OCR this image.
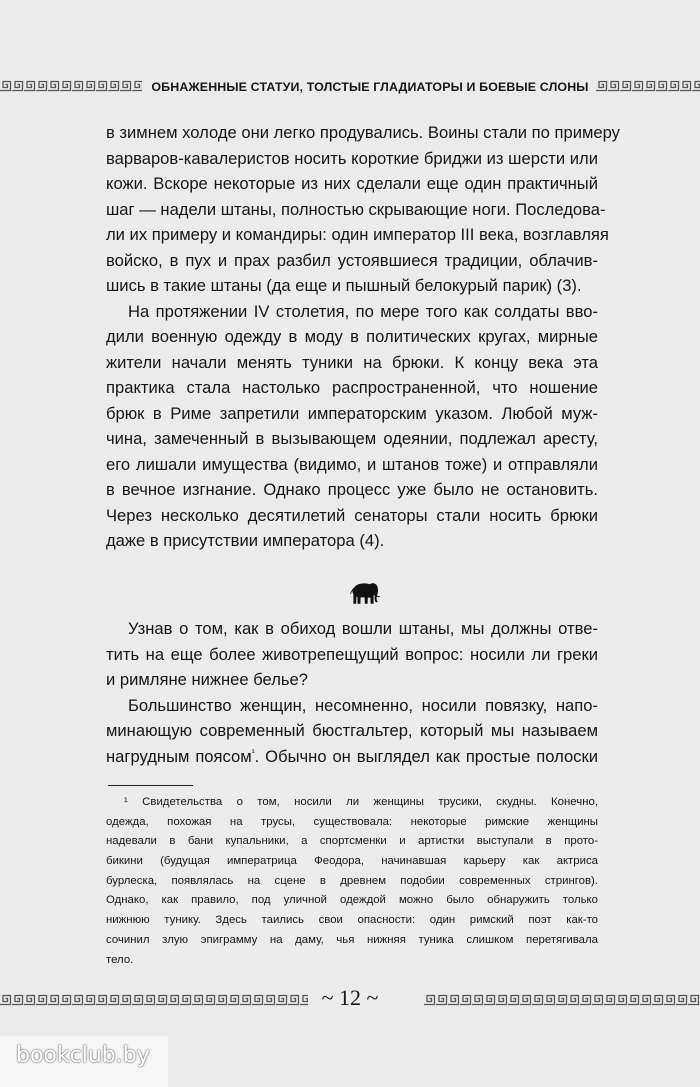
ОБНАЖЕННЫЕ СТАТУИ, ТОЛСТЫЕ ГЛАДИАТОРЫ И БОЕВЫЕ СЛОНЫ
в зимнем холоде они легко продувались. Воины стали по примеру
варваров-кавалеристов носить короткие бриджи из шерсти или
кожи. Вскоре некоторые из них сделали еще один практичный
шаг — надели штаны, полностью скрывающие ноги. Последова-
ли их примеру и командиры: один император III века, возглавляя
войско, в пух и прах разбил устоявшиеся традиции, облачив-
шись в такие штаны (да еще и пышный белокурый парик) (3).
На протяжении IV столетия, по мере того как солдаты вво-
дили военную одежду в моду в политических кругах, мирные
жители начали менять туники на брюки. К концу века эта
практика стала настолько распространенной, что ношение
брюк в Риме запретили императорским указом. Любой муж-
чина, замеченный в вызывающем одеянии, подлежал аресту,
его лишали имущества (видимо, и штанов тоже) и отправляли
в вечное изгнание. Однако процесс уже было не остановить.
Через несколько десятилетий сенаторы стали носить брюки
даже в присутствии императора (4).
Узнав о том, как в обиход вошли штаны, мы должны отве-
тить на еще более животрепещущий вопрос: носили ли греки
и римляне нижнее белье?
Большинство женщин, несомненно, носили повязку, напо-
минающую современный бюстгальтер, который мы называем
нагрудным поясом$^{^1}$. Обычно он выглядел как простые полоски
¹ Свидетельства о том, носили ли женщины трусики, скудны. Конечно,
одежда, похожая на трусы, существовала: некоторые римские женщины
надевали в бани купальники, а спортсменки и артистки выступали в прото-
бикини (будущая императрица Феодора, начинавшая карьеру как актриса
бурлеска, появлялась на сцене в древнем подобии современных стрингов).
Однако, как правило, под уличной одеждой можно было обнаружить только
нижнюю тунику. Здесь таились свои опасности: один римский поэт как-то
сочинил злую эпиграмму на даму, чья нижняя туника слишком перетягивала
тело.
~ 12 ~
bookclub.by
